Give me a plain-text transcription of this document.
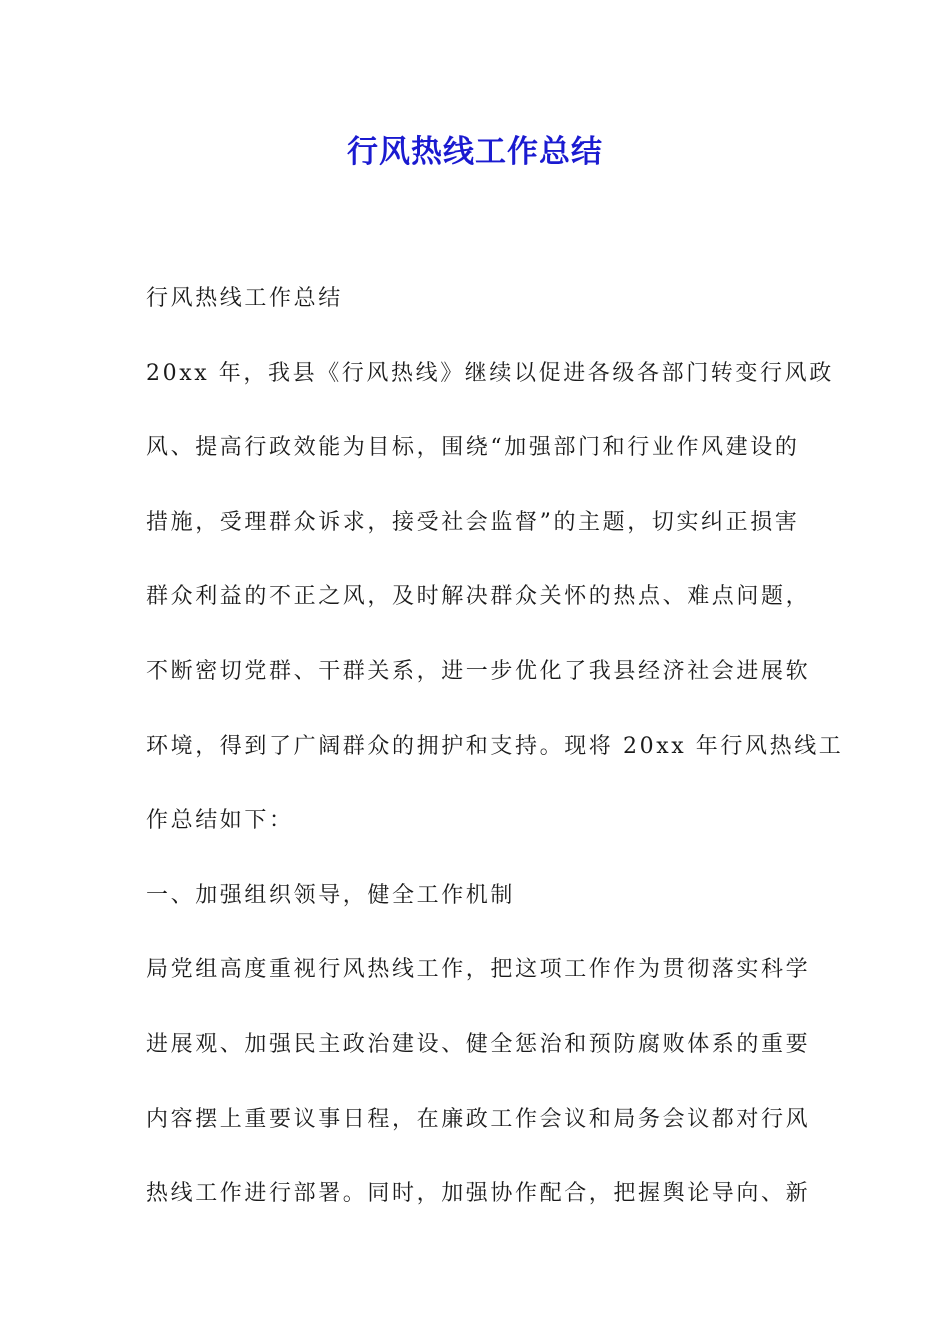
行风热线工作总结
行风热线工作总结
20xx 年，我县《行风热线》继续以促进各级各部门转变行风政
风、提高行政效能为目标，围绕“加强部门和行业作风建设的
措施，受理群众诉求，接受社会监督”的主题，切实纠正损害
群众利益的不正之风，及时解决群众关怀的热点、难点问题，
不断密切党群、干群关系，进一步优化了我县经济社会进展软
环境，得到了广阔群众的拥护和支持。现将 20xx 年行风热线工
作总结如下：
一、加强组织领导，健全工作机制
局党组高度重视行风热线工作，把这项工作作为贯彻落实科学
进展观、加强民主政治建设、健全惩治和预防腐败体系的重要
内容摆上重要议事日程，在廉政工作会议和局务会议都对行风
热线工作进行部署。同时，加强协作配合，把握舆论导向、新
